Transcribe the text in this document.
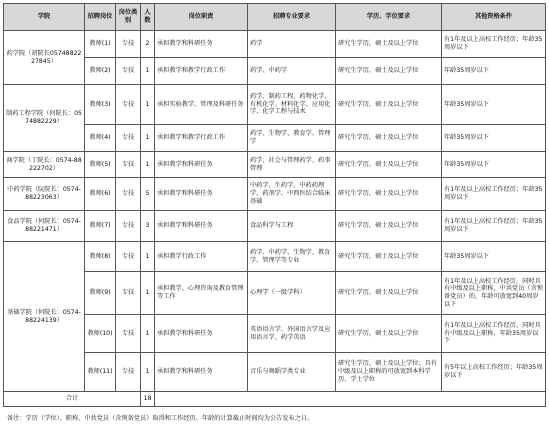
学院	招聘岗位	岗位类别	人数	岗位职责	招聘专业要求	学历、学位要求	其他资格条件
药学院（胡院长0574882227845）	教师(1)	专技	2	承担教学和科研任务	药学	研究生学历，硕士及以上学位	有1年及以上高校工作经历；年龄35周岁以下
	教师(2)	专技	1	承担教学和教学行政工作	药学、中药学	研究生学历，硕士及以上学位	年龄35周岁以下
制药工程学院（何院长：0574882229）	教师(3)	专技	1	承担实验教学、管理及科研任务	药学、制药工程、药物化学、有机化学、材料化学、应用化学、化学工程与技术	研究生学历，硕士及以上学位	年龄35周岁以下
	教师(4)	专技	1	承担教学和教学行政工作	药学、生物学、教育学、管理学	研究生学历，硕士及以上学位	年龄35周岁以下
商学院（丁院长：0574-88222702）	教师(5)	专技	1	承担教学和科研任务	药学、社会与管理药学、药事管理	研究生学历，硕士及以上学位	年龄35周岁以下
中药学院（阮院长：0574-88223063）	教师(6)	专技	5	承担教学和科研任务	中药学、生药学、中药药理学、药剂学、中西医结合临床基础	研究生学历，硕士及以上学位	有1年及以上高校工作经历；年龄35周岁以下
食品学院（何院长：0574-88221471）	教师(7)	专技	3	承担教学和科研任务	食品科学与工程	研究生学历，硕士及以上学位	有1年及以上高校工作经历；年龄35周岁以下
基础学院（何院长：0574-88224139）	教师(8)	专技	1	承担教学行政工作	药学、中药学、生物学、教育学、管理学等专业	研究生学历，硕士及以上学位	年龄35周岁以下
	教师(9)	专技	1	承担教学、心理咨询及教育管理等工作	心理学（一级学科）	研究生学历，硕士及以上学位	有1年及以上高校工作经历，同时具有中级及以上职称，中共党员（含预备党员）的，年龄可放宽到40周岁以下
	教师(10)	专技	1	承担教学和科研任务	英语语言学、外国语言学及应用语言学、药学英语	研究生学历，硕士及以上学位	有1年及以上高校工作经历，同时具有中级及以上职称，年龄35周岁以下
	教师(11)	专技	1	承担教学和科研任务	音乐与舞蹈学类专业	研究生学历，硕士及以上学位；具有中级及以上职称的可放宽到本科学历、学士学位	有5年以上高校工作经历；年龄35周岁以下
合计			18				
备注：学历（学位）、职称、中共党员（含预备党员）取得和工作经历、年龄的计算截止时间均为公告发布之日。
